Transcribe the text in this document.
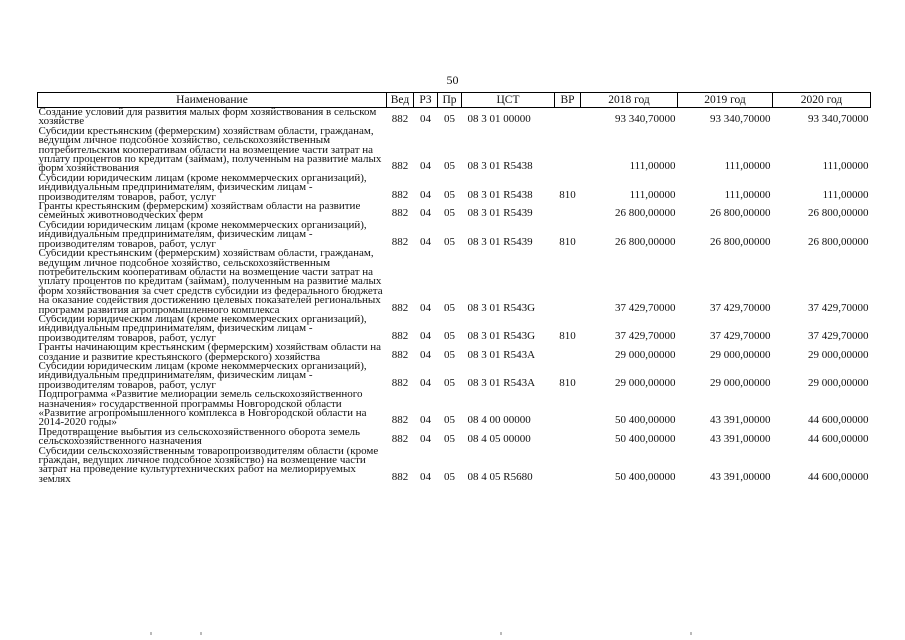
50
Наименование	Вед	РЗ	Пр	ЦСТ	ВР	2018 год	2019 год	2020 год
Создание условий для развития малых форм хозяйствования в сельском хозяйстве	882	04	05	08 3 01 00000		93 340,70000	93 340,70000	93 340,70000
Субсидии крестьянским (фермерским) хозяйствам области, гражданам, ведущим личное подсобное хозяйство, сельскохозяйственным потребительским кооперативам области на возмещение части затрат на уплату процентов по кредитам (займам), полученным на развитие малых форм хозяйствования	882	04	05	08 3 01 R5438		111,00000	111,00000	111,00000
Субсидии юридическим лицам (кроме некоммерческих организаций), индивидуальным предпринимателям, физическим лицам - производителям товаров, работ, услуг	882	04	05	08 3 01 R5438	810	111,00000	111,00000	111,00000
Гранты крестьянским (фермерским) хозяйствам области на развитие семейных животноводческих ферм	882	04	05	08 3 01 R5439		26 800,00000	26 800,00000	26 800,00000
Субсидии юридическим лицам (кроме некоммерческих организаций), индивидуальным предпринимателям, физическим лицам - производителям товаров, работ, услуг	882	04	05	08 3 01 R5439	810	26 800,00000	26 800,00000	26 800,00000
Субсидии крестьянским (фермерским) хозяйствам области, гражданам, ведущим личное подсобное хозяйство, сельскохозяйственным потребительским кооперативам области на возмещение части затрат на уплату процентов по кредитам (займам), полученным на развитие малых форм хозяйствования за счет средств субсидии из федерального бюджета на оказание содействия достижению целевых показателей региональных программ развития агропромышленного комплекса	882	04	05	08 3 01 R543G		37 429,70000	37 429,70000	37 429,70000
Субсидии юридическим лицам (кроме некоммерческих организаций), индивидуальным предпринимателям, физическим лицам - производителям товаров, работ, услуг	882	04	05	08 3 01 R543G	810	37 429,70000	37 429,70000	37 429,70000
Гранты начинающим крестьянским (фермерским) хозяйствам области на создание и развитие крестьянского (фермерского) хозяйства	882	04	05	08 3 01 R543A		29 000,00000	29 000,00000	29 000,00000
Субсидии юридическим лицам (кроме некоммерческих организаций), индивидуальным предпринимателям, физическим лицам - производителям товаров, работ, услуг	882	04	05	08 3 01 R543A	810	29 000,00000	29 000,00000	29 000,00000
Подпрограмма «Развитие мелиорации земель сельскохозяйственного назначения» государственной программы Новгородской области «Развитие агропромышленного комплекса в Новгородской области на 2014-2020 годы»	882	04	05	08 4 00 00000		50 400,00000	43 391,00000	44 600,00000
Предотвращение выбытия из сельскохозяйственного оборота земель сельскохозяйственного назначения	882	04	05	08 4 05 00000		50 400,00000	43 391,00000	44 600,00000
Субсидии сельскохозяйственным товаропроизводителям области (кроме граждан, ведущих личное подсобное хозяйство) на возмещение части затрат на проведение культуртехнических работ на мелиорируемых землях	882	04	05	08 4 05 R5680		50 400,00000	43 391,00000	44 600,00000
